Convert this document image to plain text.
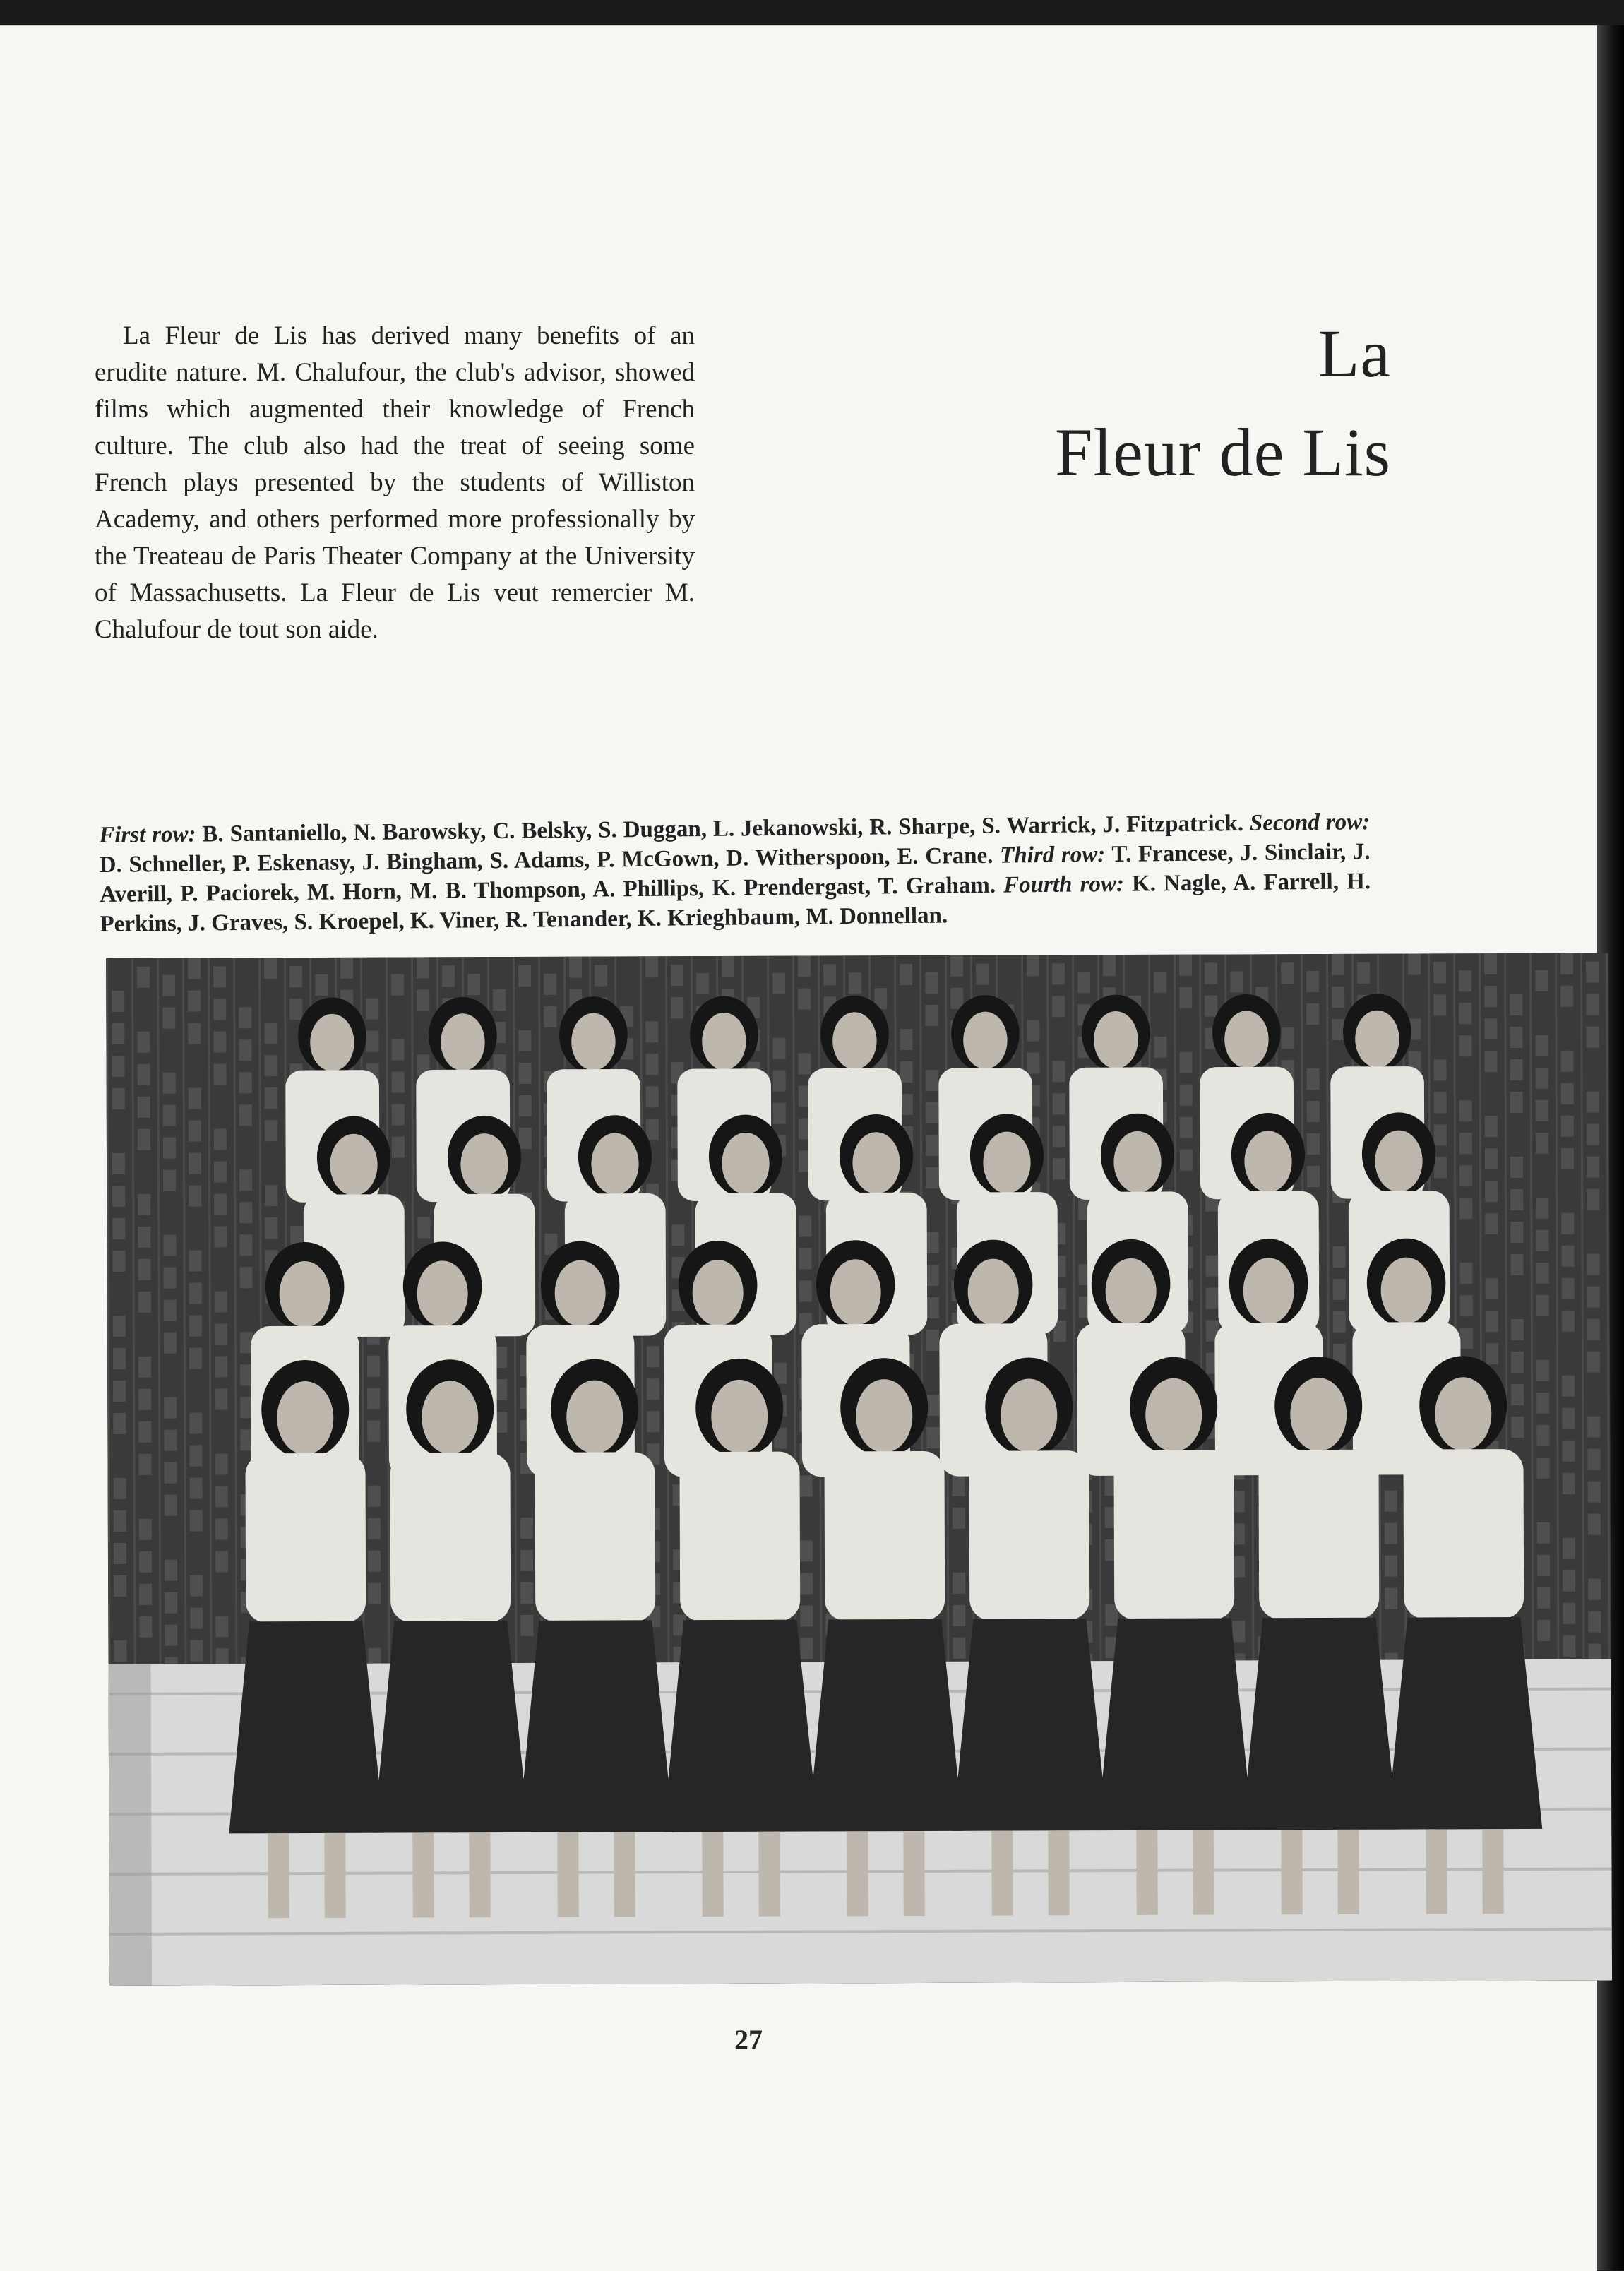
La Fleur de Lis has derived many benefits of an erudite nature. M. Chalufour, the club's advisor, showed films which augmented their knowledge of French culture. The club also had the treat of seeing some French plays presented by the students of Williston Academy, and others performed more professionally by the Treateau de Paris Theater Company at the University of Massachusetts. La Fleur de Lis veut remercier M. Chalufour de tout son aide.
La
Fleur de Lis
First row: B. Santaniello, N. Barowsky, C. Belsky, S. Duggan, L. Jekanowski, R. Sharpe, S. Warrick, J. Fitzpatrick. Second row: D. Schneller, P. Eskenasy, J. Bingham, S. Adams, P. McGown, D. Witherspoon, E. Crane. Third row: T. Francese, J. Sinclair, J. Averill, P. Paciorek, M. Horn, M. B. Thompson, A. Phillips, K. Prendergast, T. Graham. Fourth row: K. Nagle, A. Farrell, H. Perkins, J. Graves, S. Kroepel, K. Viner, R. Tenander, K. Krieghbaum, M. Donnellan.
27
